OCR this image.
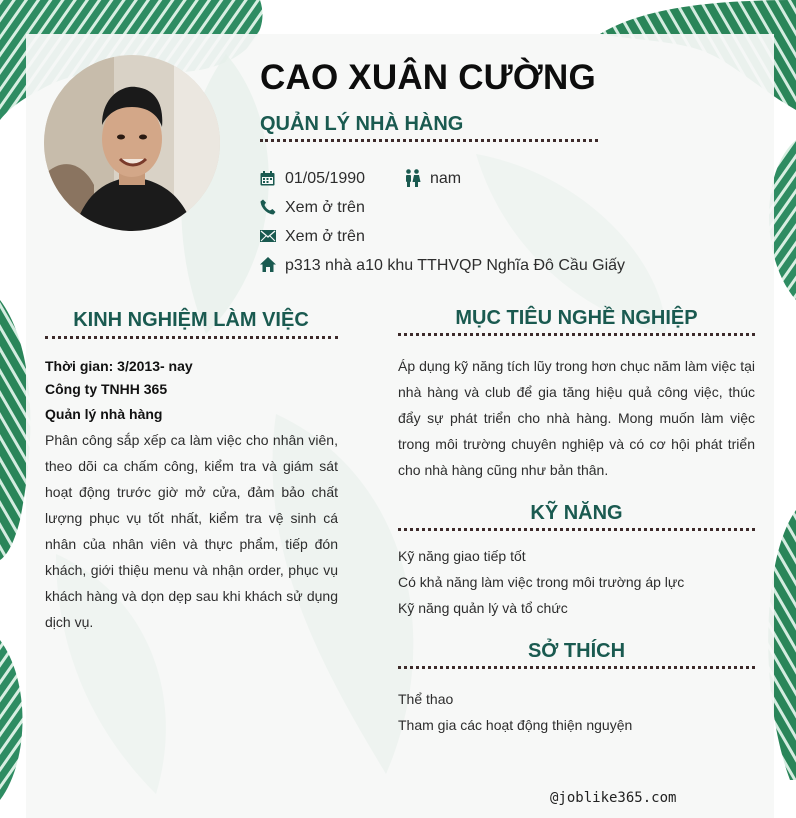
CAO XUÂN CƯỜNG
QUẢN LÝ NHÀ HÀNG
01/05/1990	nam
Xem ở trên
Xem ở trên
p313 nhà a10 khu TTHVQP Nghĩa Đô Cầu Giấy
KINH NGHIỆM LÀM VIỆC
Thời gian: 3/2013- nay
Công ty TNHH 365
Quản lý nhà hàng
Phân công sắp xếp ca làm việc cho nhân viên, theo dõi ca chấm công, kiểm tra và giám sát hoạt động trước giờ mở cửa, đảm bảo chất lượng phục vụ tốt nhất, kiểm tra vệ sinh cá nhân của nhân viên và thực phẩm, tiếp đón khách, giới thiệu menu và nhận order, phục vụ khách hàng và dọn dẹp sau khi khách sử dụng dịch vụ.
MỤC TIÊU NGHỀ NGHIỆP
Áp dụng kỹ năng tích lũy trong hơn chục năm làm việc tại nhà hàng và club để gia tăng hiệu quả công việc, thúc đẩy sự phát triển cho nhà hàng. Mong muốn làm việc trong môi trường chuyên nghiệp và có cơ hội phát triển cho nhà hàng cũng như bản thân.
KỸ NĂNG
Kỹ năng giao tiếp tốt
Có khả năng làm việc trong môi trường áp lực
Kỹ năng quản lý và tổ chức
SỞ THÍCH
Thể thao
Tham gia các hoạt động thiện nguyện
@joblike365.com
